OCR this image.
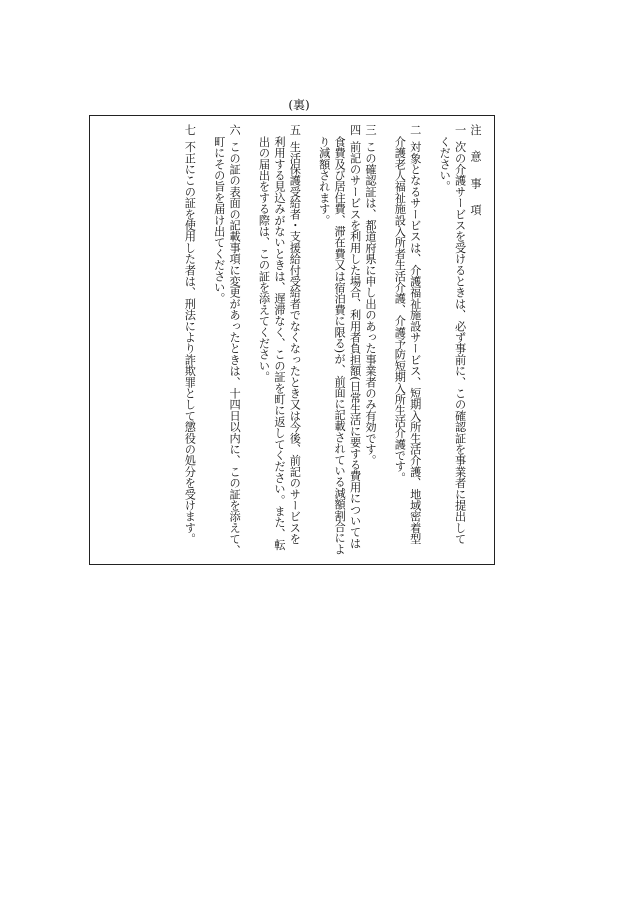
(裏)
注 意 事 項
一次の介護サービスを受けるときは、必ず事前に、この確認証を事業者に提出して
ください。
二対象となるサービスは、介護福祉施設サービス、短期入所生活介護、地域密着型
介護老人福祉施設入所者生活介護、介護予防短期入所生活介護です。
三この確認証は、都道府県に申し出のあった事業者のみ有効です。
四前記のサービスを利用した場合、利用者負担額(日常生活に要する費用については
食費及び居住費、滞在費又は宿泊費に限る)が、前面に記載されている減額割合によ
り減額されます。
五生活保護受給者・支援給付受給者でなくなったとき又は今後、前記のサービスを
利用する見込みがないときは、遅滞なく、この証を町に返してください。また、転
出の届出をする際は、この証を添えてください。
六この証の表面の記載事項に変更があったときは、十四日以内に、この証を添えて、
町にその旨を届け出てください。
七不正にこの証を使用した者は、刑法により詐欺罪として懲役の処分を受けます。
